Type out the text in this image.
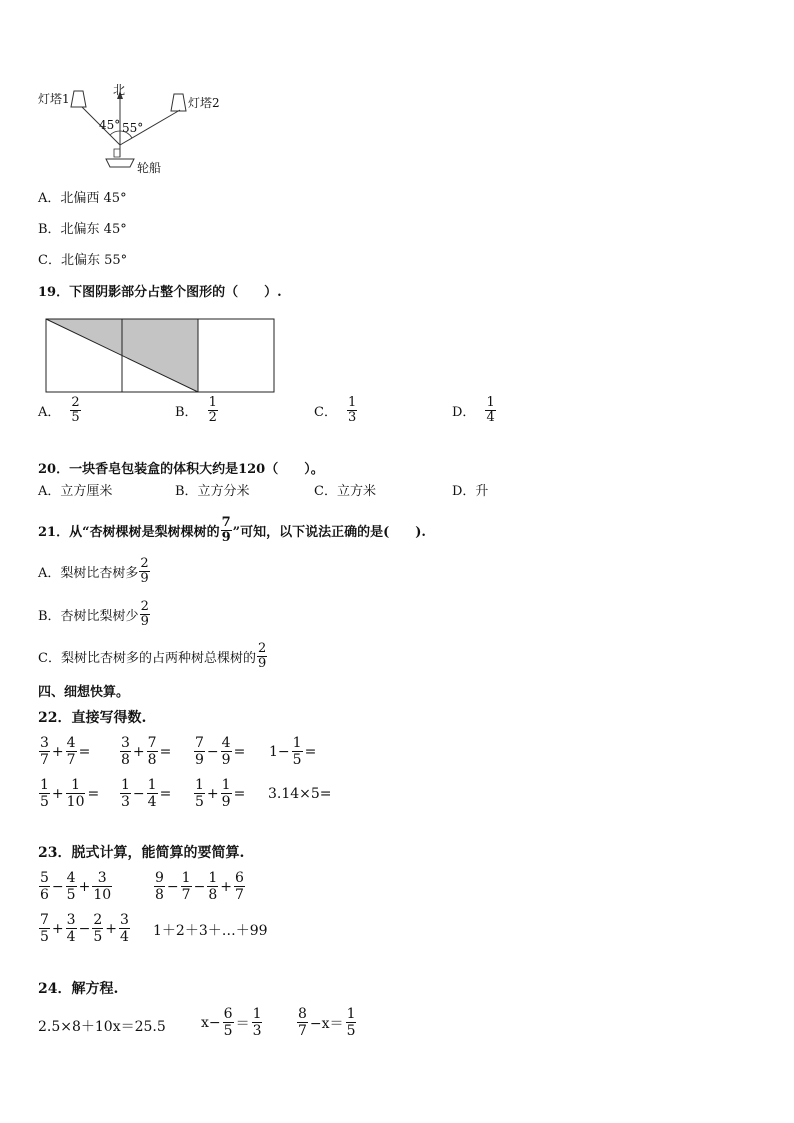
灯塔1
北
灯塔2
45° 55°
轮船
A．北偏西 45°
B．北偏东 45°
C．北偏东 55°
19．下图阴影部分占整个图形的（　　）.
A． $\frac{2}{5}$	B． $\frac{1}{2}$	C． $\frac{1}{3}$	D． $\frac{1}{4}$
20．一块香皂包装盒的体积大约是120（　　）。
A．立方厘米	B．立方分米	C．立方米	D．升
21．从“杏树棵树是梨树棵树的 $\frac{7}{9}$ ”可知，以下说法正确的是(　　).
A．梨树比杏树多 $\frac{2}{9}$
B．杏树比梨树少 $\frac{2}{9}$
C．梨树比杏树多的占两种树总棵树的 $\frac{2}{9}$
四、细想快算。
22．直接写得数.
$\frac{3}{7} + \frac{4}{7} = \frac{3}{8} + \frac{7}{8} = \frac{7}{9} - \frac{4}{9} = 1- \frac{1}{5}$ =
$\frac{1}{5} + \frac{1}{10} = \frac{1}{3} - \frac{1}{4} = \frac{1}{5} + \frac{1}{9} = 3.14\times 5=$
23．脱式计算，能简算的要简算.
$\frac{5}{6} - \frac{4}{5} + \frac{3}{10}$	$\frac{9}{8} - \frac{1}{7} - \frac{1}{8} + \frac{6}{7}$
$\frac{7}{5} + \frac{3}{4} - \frac{2}{5} + \frac{3}{4}$ 1＋2＋3＋…＋99
24．解方程.
2.5×8＋10x＝25.5	$x- \frac{6}{5} = \frac{1}{3} \frac{8}{7} -x= \frac{1}{5}$
